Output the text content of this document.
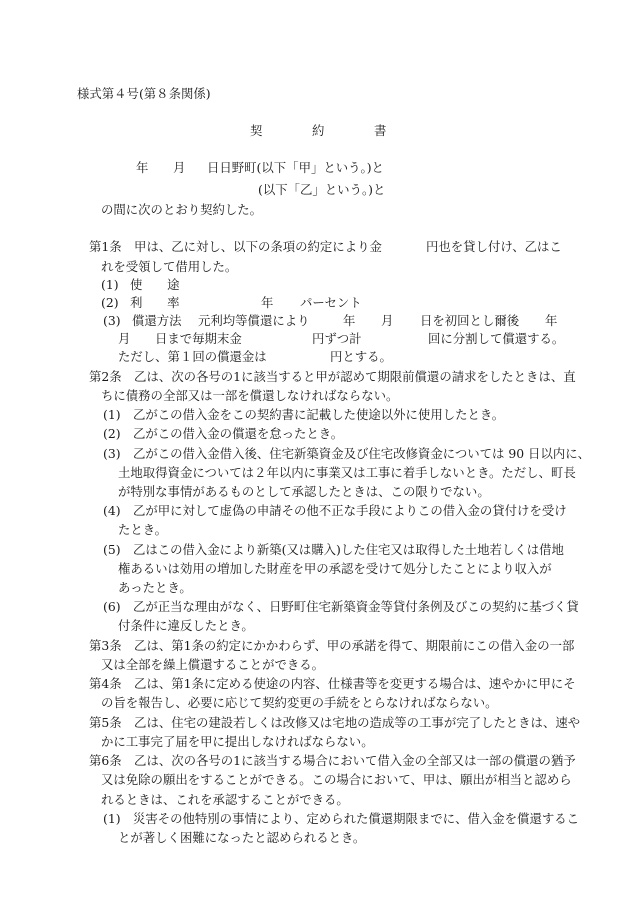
様式第４号(第８条関係)
契	約	書
年 月 日日野町(以下「甲」という。)と
(以下「乙」という。)と
の間に次のとおり契約した。
第1条　甲は、乙に対し、以下の条項の約定により金	円也を貸し付け、乙はこ
れを受領して借用した。
(1) 使　　途
(2) 利　　率	年 パーセント
(3) 償還方法 元利均等償還により	年 月 日を初回とし爾後 年
月 日まで毎期末金	円ずつ計	回に分割して償還する。
ただし、第１回の償還金は	円とする。
第2条　乙は、次の各号の1に該当すると甲が認めて期限前償還の請求をしたときは、直
ちに債務の全部又は一部を償還しなければならない。
(1)　乙がこの借入金をこの契約書に記載した使途以外に使用したとき。
(2)　乙がこの借入金の償還を怠ったとき。
(3)　乙がこの借入金借入後、住宅新築資金及び住宅改修資金については 90 日以内に、
土地取得資金については２年以内に事業又は工事に着手しないとき。ただし、町長
が特別な事情があるものとして承認したときは、この限りでない。
(4)　乙が甲に対して虚偽の申請その他不正な手段によりこの借入金の貸付けを受け
たとき。
(5)　乙はこの借入金により新築(又は購入)した住宅又は取得した土地若しくは借地
権あるいは効用の増加した財産を甲の承認を受けて処分したことにより収入が
あったとき。
(6)　乙が正当な理由がなく、日野町住宅新築資金等貸付条例及びこの契約に基づく貸
付条件に違反したとき。
第3条　乙は、第1条の約定にかかわらず、甲の承諾を得て、期限前にこの借入金の一部
又は全部を繰上償還することができる。
第4条　乙は、第1条に定める使途の内容、仕様書等を変更する場合は、速やかに甲にそ
の旨を報告し、必要に応じて契約変更の手続をとらなければならない。
第5条　乙は、住宅の建設若しくは改修又は宅地の造成等の工事が完了したときは、速や
かに工事完了届を甲に提出しなければならない。
第6条　乙は、次の各号の1に該当する場合において借入金の全部又は一部の償還の猶予
又は免除の願出をすることができる。この場合において、甲は、願出が相当と認めら
れるときは、これを承認することができる。
(1)　災害その他特別の事情により、定められた償還期限までに、借入金を償還するこ
とが著しく困難になったと認められるとき。
